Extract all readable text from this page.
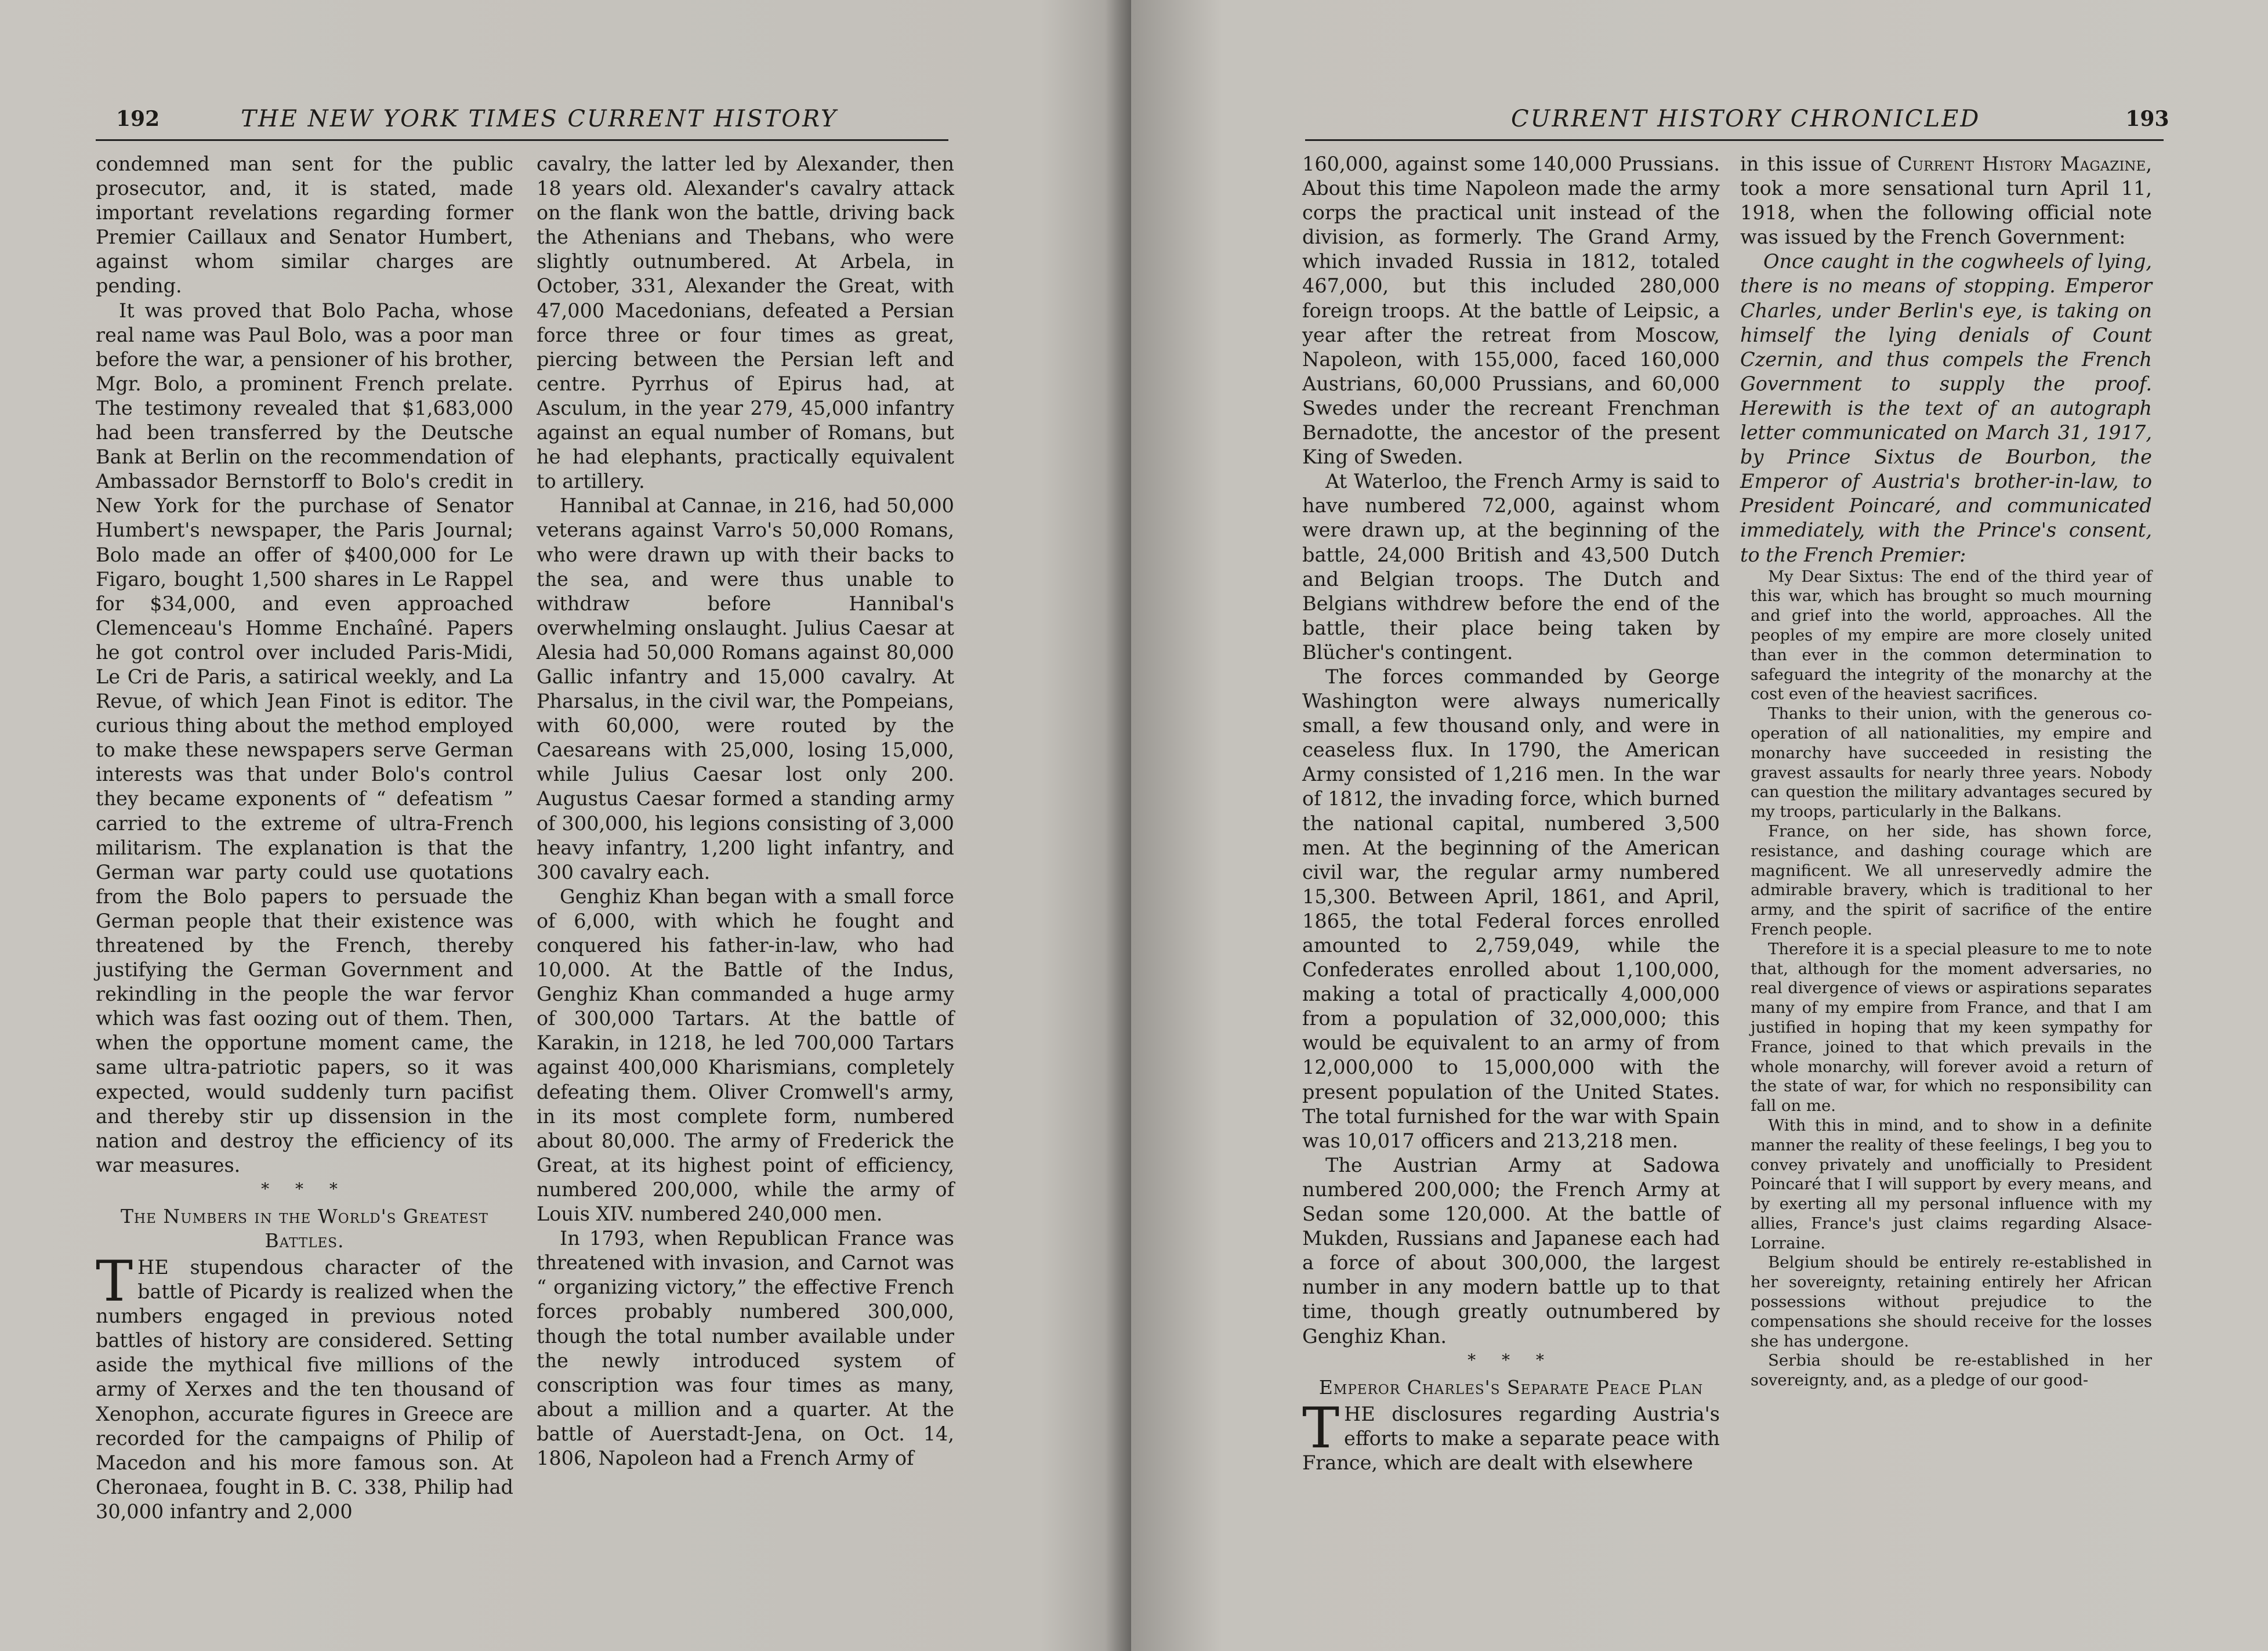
192	THE NEW YORK TIMES CURRENT HISTORY

condemned man sent for the public prosecutor, and, it is stated, made important revelations regarding former Premier Caillaux and Senator Humbert, against whom similar charges are pending.

It was proved that Bolo Pacha, whose real name was Paul Bolo, was a poor man before the war, a pensioner of his brother, Mgr. Bolo, a prominent French prelate. The testimony revealed that $1,683,000 had been transferred by the Deutsche Bank at Berlin on the recommendation of Ambassador Bernstorff to Bolo's credit in New York for the purchase of Senator Humbert's newspaper, the Paris Journal; Bolo made an offer of $400,000 for Le Figaro, bought 1,500 shares in Le Rappel for $34,000, and even approached Clemenceau's Homme Enchaîné. Papers he got control over included Paris-Midi, Le Cri de Paris, a satirical weekly, and La Revue, of which Jean Finot is editor. The curious thing about the method employed to make these newspapers serve German interests was that under Bolo's control they became exponents of “ defeatism ” carried to the extreme of ultra-French militarism. The explanation is that the German war party could use quotations from the Bolo papers to persuade the German people that their existence was threatened by the French, thereby justifying the German Government and rekindling in the people the war fervor which was fast oozing out of them. Then, when the opportune moment came, the same ultra-patriotic papers, so it was expected, would suddenly turn pacifist and thereby stir up dissension in the nation and destroy the efficiency of its war measures.

* * *
The Numbers in the World's Greatest Battles.

THE stupendous character of the battle of Picardy is realized when the numbers engaged in previous noted battles of history are considered. Setting aside the mythical five millions of the army of Xerxes and the ten thousand of Xenophon, accurate figures in Greece are recorded for the campaigns of Philip of Macedon and his more famous son. At Cheronaea, fought in B. C. 338, Philip had 30,000 infantry and 2,000

cavalry, the latter led by Alexander, then 18 years old. Alexander's cavalry attack on the flank won the battle, driving back the Athenians and Thebans, who were slightly outnumbered. At Arbela, in October, 331, Alexander the Great, with 47,000 Macedonians, defeated a Persian force three or four times as great, piercing between the Persian left and centre. Pyrrhus of Epirus had, at Asculum, in the year 279, 45,000 infantry against an equal number of Romans, but he had elephants, practically equivalent to artillery.

Hannibal at Cannae, in 216, had 50,000 veterans against Varro's 50,000 Romans, who were drawn up with their backs to the sea, and were thus unable to withdraw before Hannibal's overwhelming onslaught. Julius Caesar at Alesia had 50,000 Romans against 80,000 Gallic infantry and 15,000 cavalry. At Pharsalus, in the civil war, the Pompeians, with 60,000, were routed by the Caesareans with 25,000, losing 15,000, while Julius Caesar lost only 200. Augustus Caesar formed a standing army of 300,000, his legions consisting of 3,000 heavy infantry, 1,200 light infantry, and 300 cavalry each.

Genghiz Khan began with a small force of 6,000, with which he fought and conquered his father-in-law, who had 10,000. At the Battle of the Indus, Genghiz Khan commanded a huge army of 300,000 Tartars. At the battle of Karakin, in 1218, he led 700,000 Tartars against 400,000 Kharismians, completely defeating them. Oliver Cromwell's army, in its most complete form, numbered about 80,000. The army of Frederick the Great, at its highest point of efficiency, numbered 200,000, while the army of Louis XIV. numbered 240,000 men.

In 1793, when Republican France was threatened with invasion, and Carnot was “ organizing victory,” the effective French forces probably numbered 300,000, though the total number available under the newly introduced system of conscription was four times as many, about a million and a quarter. At the battle of Auerstadt-Jena, on Oct. 14, 1806, Napoleon had a French Army of

CURRENT HISTORY CHRONICLED	193

160,000, against some 140,000 Prussians. About this time Napoleon made the army corps the practical unit instead of the division, as formerly. The Grand Army, which invaded Russia in 1812, totaled 467,000, but this included 280,000 foreign troops. At the battle of Leipsic, a year after the retreat from Moscow, Napoleon, with 155,000, faced 160,000 Austrians, 60,000 Prussians, and 60,000 Swedes under the recreant Frenchman Bernadotte, the ancestor of the present King of Sweden.

At Waterloo, the French Army is said to have numbered 72,000, against whom were drawn up, at the beginning of the battle, 24,000 British and 43,500 Dutch and Belgian troops. The Dutch and Belgians withdrew before the end of the battle, their place being taken by Blücher's contingent.

The forces commanded by George Washington were always numerically small, a few thousand only, and were in ceaseless flux. In 1790, the American Army consisted of 1,216 men. In the war of 1812, the invading force, which burned the national capital, numbered 3,500 men. At the beginning of the American civil war, the regular army numbered 15,300. Between April, 1861, and April, 1865, the total Federal forces enrolled amounted to 2,759,049, while the Confederates enrolled about 1,100,000, making a total of practically 4,000,000 from a population of 32,000,000; this would be equivalent to an army of from 12,000,000 to 15,000,000 with the present population of the United States. The total furnished for the war with Spain was 10,017 officers and 213,218 men.

The Austrian Army at Sadowa numbered 200,000; the French Army at Sedan some 120,000. At the battle of Mukden, Russians and Japanese each had a force of about 300,000, the largest number in any modern battle up to that time, though greatly outnumbered by Genghiz Khan.

* * *
Emperor Charles's Separate Peace Plan

THE disclosures regarding Austria's efforts to make a separate peace with France, which are dealt with elsewhere

in this issue of Current History Magazine, took a more sensational turn April 11, 1918, when the following official note was issued by the French Government:

Once caught in the cogwheels of lying, there is no means of stopping. Emperor Charles, under Berlin's eye, is taking on himself the lying denials of Count Czernin, and thus compels the French Government to supply the proof. Herewith is the text of an autograph letter communicated on March 31, 1917, by Prince Sixtus de Bourbon, the Emperor of Austria's brother-in-law, to President Poincaré, and communicated immediately, with the Prince's consent, to the French Premier:

My Dear Sixtus: The end of the third year of this war, which has brought so much mourning and grief into the world, approaches. All the peoples of my empire are more closely united than ever in the common determination to safeguard the integrity of the monarchy at the cost even of the heaviest sacrifices.

Thanks to their union, with the generous co-operation of all nationalities, my empire and monarchy have succeeded in resisting the gravest assaults for nearly three years. Nobody can question the military advantages secured by my troops, particularly in the Balkans.

France, on her side, has shown force, resistance, and dashing courage which are magnificent. We all unreservedly admire the admirable bravery, which is traditional to her army, and the spirit of sacrifice of the entire French people.

Therefore it is a special pleasure to me to note that, although for the moment adversaries, no real divergence of views or aspirations separates many of my empire from France, and that I am justified in hoping that my keen sympathy for France, joined to that which prevails in the whole monarchy, will forever avoid a return of the state of war, for which no responsibility can fall on me.

With this in mind, and to show in a definite manner the reality of these feelings, I beg you to convey privately and unofficially to President Poincaré that I will support by every means, and by exerting all my personal influence with my allies, France's just claims regarding Alsace-Lorraine.

Belgium should be entirely re-established in her sovereignty, retaining entirely her African possessions without prejudice to the compensations she should receive for the losses she has undergone.

Serbia should be re-established in her sovereignty, and, as a pledge of our good-
